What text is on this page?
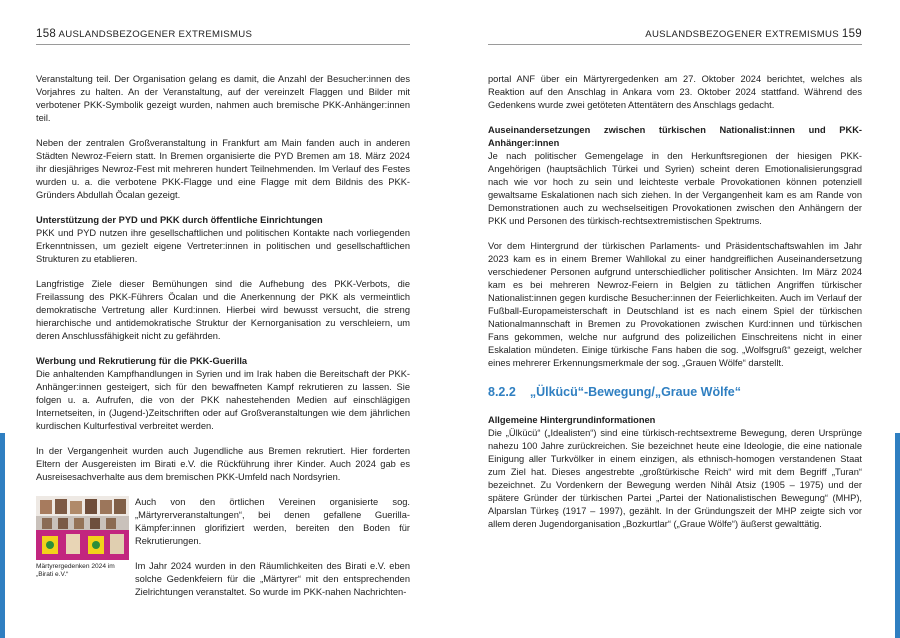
158 AUSLANDSBEZOGENER EXTREMISMUS

Veranstaltung teil. Der Organisation gelang es damit, die Anzahl der Besucher:innen des Vorjahres zu halten. An der Veranstaltung, auf der vereinzelt Flaggen und Bilder mit verbotener PKK-Symbolik gezeigt wurden, nahmen auch bremische PKK-Anhänger:innen teil.

Neben der zentralen Großveranstaltung in Frankfurt am Main fanden auch in anderen Städten Newroz-Feiern statt. In Bremen organisierte die PYD Bremen am 18. März 2024 ihr diesjähriges Newroz-Fest mit mehreren hundert Teilnehmenden. Im Verlauf des Festes wurden u. a. die verbotene PKK-Flagge und eine Flagge mit dem Bildnis des PKK-Gründers Abdullah Öcalan gezeigt.

Unterstützung der PYD und PKK durch öffentliche Einrichtungen

PKK und PYD nutzen ihre gesellschaftlichen und politischen Kontakte nach vorliegenden Erkenntnissen, um gezielt eigene Vertreter:innen in politischen und gesellschaftlichen Strukturen zu etablieren.

Langfristige Ziele dieser Bemühungen sind die Aufhebung des PKK-Verbots, die Freilassung des PKK-Führers Öcalan und die Anerkennung der PKK als vermeintlich demokratische Vertretung aller Kurd:innen. Hierbei wird bewusst versucht, die streng hierarchische und antidemokratische Struktur der Kernorganisation zu verschleiern, um deren Anschlussfähigkeit nicht zu gefährden.

Werbung und Rekrutierung für die PKK-Guerilla

Die anhaltenden Kampfhandlungen in Syrien und im Irak haben die Bereitschaft der PKK-Anhänger:innen gesteigert, sich für den bewaffneten Kampf rekrutieren zu lassen. Sie folgen u. a. Aufrufen, die von der PKK nahestehenden Medien auf einschlägigen Internetseiten, in (Jugend-)Zeitschriften oder auf Großveranstaltungen wie dem jährlichen kurdischen Kulturfestival verbreitet werden.

In der Vergangenheit wurden auch Jugendliche aus Bremen rekrutiert. Hier forderten Eltern der Ausgereisten im Birati e.V. die Rückführung ihrer Kinder. Auch 2024 gab es Ausreisesachverhalte aus dem bremischen PKK-Umfeld nach Nordsyrien.

Märtyrergedenken 2024 im „Birati e.V.“

Auch von den örtlichen Vereinen organisierte sog. „Märtyrerveranstaltungen“, bei denen gefallene Guerilla-Kämpfer:innen glorifiziert werden, bereiten den Boden für Rekrutierungen.

Im Jahr 2024 wurden in den Räumlichkeiten des Birati e.V. eben solche Gedenkfeiern für die „Märtyrer“ mit den entsprechenden Zielrichtungen veranstaltet. So wurde im PKK-nahen Nachrichten-

AUSLANDSBEZOGENER EXTREMISMUS 159

portal ANF über ein Märtyrergedenken am 27. Oktober 2024 berichtet, welches als Reaktion auf den Anschlag in Ankara vom 23. Oktober 2024 stattfand. Während des Gedenkens wurde zwei getöteten Attentätern des Anschlags gedacht.

Auseinandersetzungen zwischen türkischen Nationalist:innen und PKK-Anhänger:innen

Je nach politischer Gemengelage in den Herkunftsregionen der hiesigen PKK-Angehörigen (hauptsächlich Türkei und Syrien) scheint deren Emotionalisierungsgrad nach wie vor hoch zu sein und leichteste verbale Provokationen können potenziell gewaltsame Eskalationen nach sich ziehen. In der Vergangenheit kam es am Rande von Demonstrationen auch zu wechselseitigen Provokationen zwischen den Anhängern der PKK und Personen des türkisch-rechtsextremistischen Spektrums.

Vor dem Hintergrund der türkischen Parlaments- und Präsidentschaftswahlen im Jahr 2023 kam es in einem Bremer Wahllokal zu einer handgreiflichen Auseinandersetzung verschiedener Personen aufgrund unterschiedlicher politischer Ansichten. Im März 2024 kam es bei mehreren Newroz-Feiern in Belgien zu tätlichen Angriffen türkischer Nationalist:innen gegen kurdische Besucher:innen der Feierlichkeiten. Auch im Verlauf der Fußball-Europameisterschaft in Deutschland ist es nach einem Spiel der türkischen Nationalmannschaft in Bremen zu Provokationen zwischen Kurd:innen und türkischen Fans gekommen, welche nur aufgrund des polizeilichen Einschreitens nicht in einer Eskalation mündeten. Einige türkische Fans haben die sog. „Wolfsgruß“ gezeigt, welcher eines mehrerer Erkennungsmerkmale der sog. „Grauen Wölfe“ darstellt.

8.2.2 „Ülkücü“-Bewegung/„Graue Wölfe“
Allgemeine Hintergrundinformationen

Die „Ülkücü“ („Idealisten“) sind eine türkisch-rechtsextreme Bewegung, deren Ursprünge nahezu 100 Jahre zurückreichen. Sie bezeichnet heute eine Ideologie, die eine nationale Einigung aller Turkvölker in einem einzigen, als ethnisch-homogen verstandenen Staat zum Ziel hat. Dieses angestrebte „großtürkische Reich“ wird mit dem Begriff „Turan“ bezeichnet. Zu Vordenkern der Bewegung werden Nihâl Atsiz (1905 – 1975) und der spätere Gründer der türkischen Partei „Partei der Nationalistischen Bewegung“ (MHP), Alparslan Türkeş (1917 – 1997), gezählt. In der Gründungszeit der MHP zeigte sich vor allem deren Jugendorganisation „Bozkurtlar“ („Graue Wölfe“) äußerst gewalttätig.
